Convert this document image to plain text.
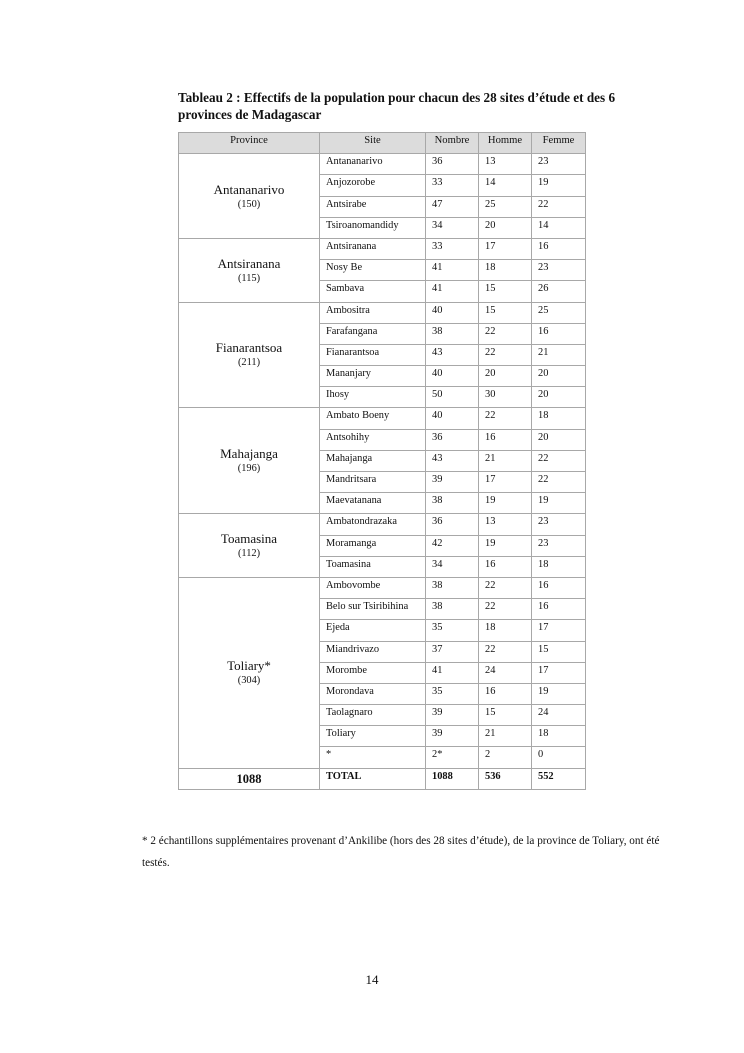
Tableau 2 : Effectifs de la population pour chacun des 28 sites d’étude et des 6 provinces de Madagascar
Province	Site	Nombre	Homme	Femme

Antananarivo
(150)	Antananarivo	36	13	23
	Anjozorobe	33	14	19
	Antsirabe	47	25	22
	Tsiroanomandidy	34	20	14

Antsiranana
(115)	Antsiranana	33	17	16
	Nosy Be	41	18	23
	Sambava	41	15	26

Fianarantsoa
(211)	Ambositra	40	15	25
	Farafangana	38	22	16
	Fianarantsoa	43	22	21
	Mananjary	40	20	20
	Ihosy	50	30	20

Mahajanga
(196)	Ambato Boeny	40	22	18
	Antsohihy	36	16	20
	Mahajanga	43	21	22
	Mandritsara	39	17	22
	Maevatanana	38	19	19

Toamasina
(112)	Ambatondrazaka	36	13	23
	Moramanga	42	19	23
	Toamasina	34	16	18

Toliary*
(304)	Ambovombe	38	22	16
	Belo sur Tsiribihina	38	22	16
	Ejeda	35	18	17
	Miandrivazo	37	22	15
	Morombe	41	24	17
	Morondava	35	16	19
	Taolagnaro	39	15	24
	Toliary	39	21	18
	*	2*	2	0
1088	TOTAL	1088	536	552
* 2 échantillons supplémentaires provenant d’Ankilibe (hors des 28 sites d’étude), de la province de Toliary, ont été testés.
14
